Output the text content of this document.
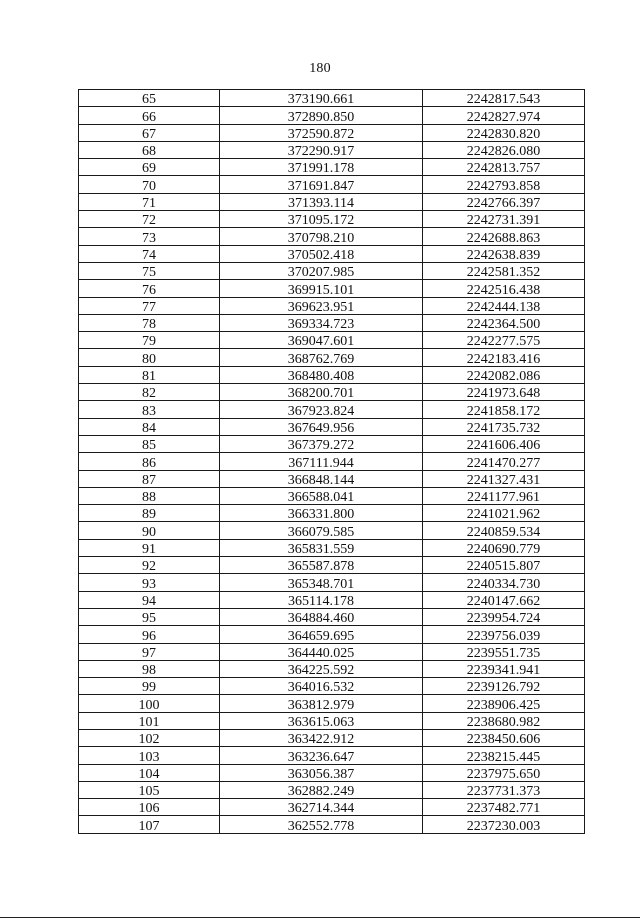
180
65	373190.661	2242817.543
66	372890.850	2242827.974
67	372590.872	2242830.820
68	372290.917	2242826.080
69	371991.178	2242813.757
70	371691.847	2242793.858
71	371393.114	2242766.397
72	371095.172	2242731.391
73	370798.210	2242688.863
74	370502.418	2242638.839
75	370207.985	2242581.352
76	369915.101	2242516.438
77	369623.951	2242444.138
78	369334.723	2242364.500
79	369047.601	2242277.575
80	368762.769	2242183.416
81	368480.408	2242082.086
82	368200.701	2241973.648
83	367923.824	2241858.172
84	367649.956	2241735.732
85	367379.272	2241606.406
86	367111.944	2241470.277
87	366848.144	2241327.431
88	366588.041	2241177.961
89	366331.800	2241021.962
90	366079.585	2240859.534
91	365831.559	2240690.779
92	365587.878	2240515.807
93	365348.701	2240334.730
94	365114.178	2240147.662
95	364884.460	2239954.724
96	364659.695	2239756.039
97	364440.025	2239551.735
98	364225.592	2239341.941
99	364016.532	2239126.792
100	363812.979	2238906.425
101	363615.063	2238680.982
102	363422.912	2238450.606
103	363236.647	2238215.445
104	363056.387	2237975.650
105	362882.249	2237731.373
106	362714.344	2237482.771
107	362552.778	2237230.003
